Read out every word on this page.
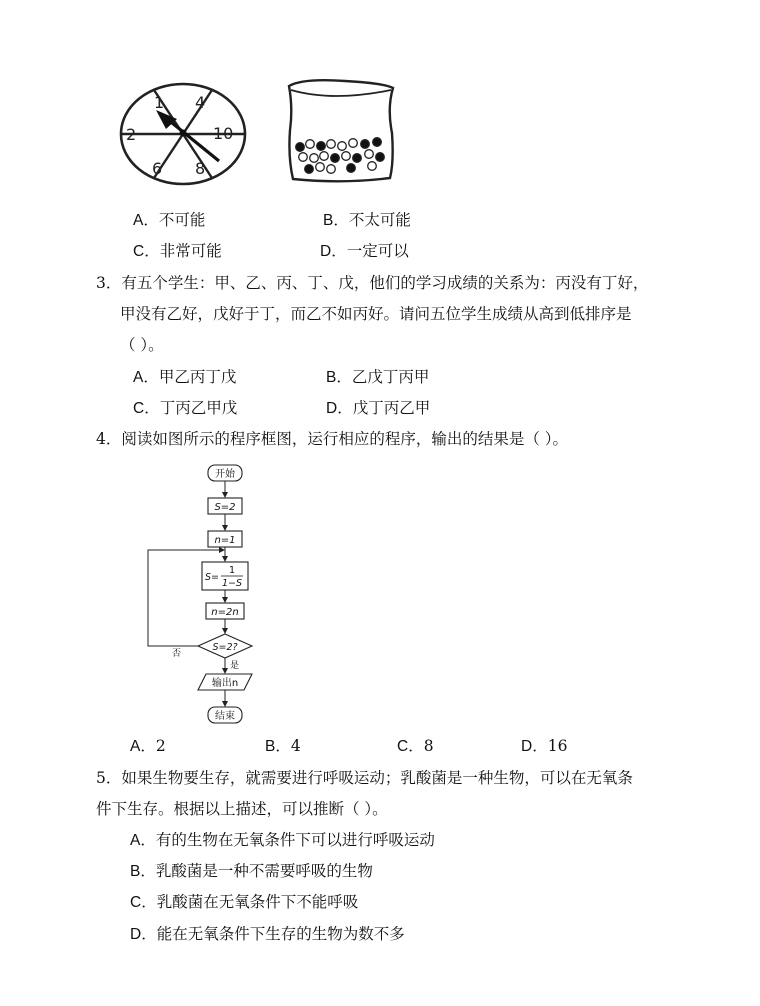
1 4
10
8
6
2
A．不可能	B．不太可能
C．非常可能	D．一定可以
3．有五个学生：甲、乙、丙、丁、戊，他们的学习成绩的关系为：丙没有丁好，
甲没有乙好，戊好于丁，而乙不如丙好。请问五位学生成绩从高到低排序是
（ ）。
A．甲乙丙丁戊	B．乙戊丁丙甲
C．丁丙乙甲戊	D．戊丁丙乙甲
4．阅读如图所示的程序框图，运行相应的程序，输出的结果是（ ）。
开始
S=2
n=1
S=
1
1−S
n=2n
S=2?
否
是
输出n
结束
A．2	B．4	C．8	D．16
5．如果生物要生存，就需要进行呼吸运动；乳酸菌是一种生物，可以在无氧条
件下生存。根据以上描述，可以推断（ ）。
A．有的生物在无氧条件下可以进行呼吸运动
B．乳酸菌是一种不需要呼吸的生物
C．乳酸菌在无氧条件下不能呼吸
D．能在无氧条件下生存的生物为数不多
